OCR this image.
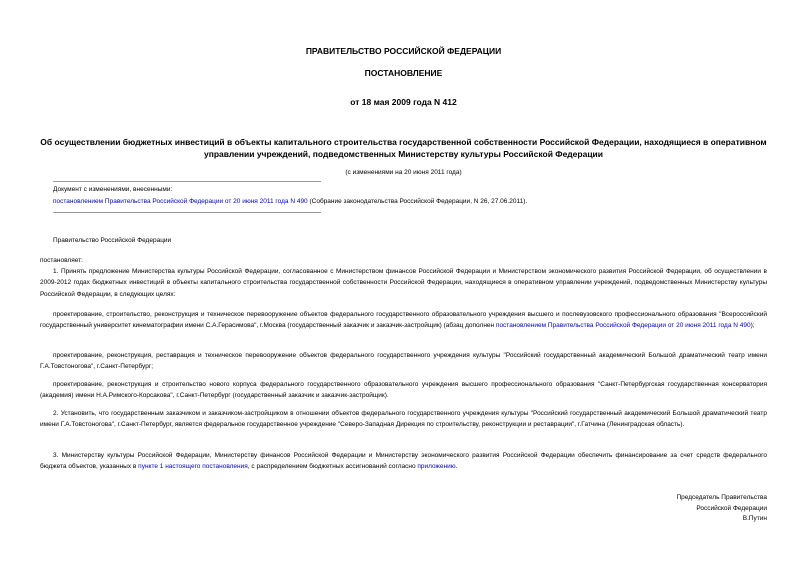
ПРАВИТЕЛЬСТВО РОССИЙСКОЙ ФЕДЕРАЦИИ
ПОСТАНОВЛЕНИЕ
от 18 мая 2009 года N 412
Об осуществлении бюджетных инвестиций в объекты капитального строительства государственной собственности Российской Федерации, находящиеся в оперативном управлении учреждений, подведомственных Министерству культуры Российской Федерации
(с изменениями на 20 июня 2011 года)
Документ с изменениями, внесенными:
постановлением Правительства Российской Федерации от 20 июня 2011 года N 490 (Собрание законодательства Российской Федерации, N 26, 27.06.2011).
Правительство Российской Федерации
постановляет:
1. Принять предложение Министерства культуры Российской Федерации, согласованное с Министерством финансов Российской Федерации и Министерством экономического развития Российской Федерации, об осуществлении в 2009-2012 годах бюджетных инвестиций в объекты капитального строительства государственной собственности Российской Федерации, находящиеся в оперативном управлении учреждений, подведомственных Министерству культуры Российской Федерации, в следующих целях:
проектирование, строительство, реконструкция и техническое перевооружение объектов федерального государственного образовательного учреждения высшего и послевузовского профессионального образования "Всероссийский государственный университет кинематографии имени С.А.Герасимова", г.Москва (государственный заказчик и заказчик-застройщик) (абзац дополнен постановлением Правительства Российской Федерации от 20 июня 2011 года N 490);
проектирование, реконструкция, реставрация и техническое перевооружение объектов федерального государственного учреждения культуры "Российский государственный академический Большой драматический театр имени Г.А.Товстоногова", г.Санкт-Петербург;
проектирование, реконструкция и строительство нового корпуса федерального государственного образовательного учреждения высшего профессионального образования "Санкт-Петербургская государственная консерватория (академия) имени Н.А.Римского-Корсакова", г.Санкт-Петербург (государственный заказчик и заказчик-застройщик).
2. Установить, что государственным заказчиком и заказчиком-застройщиком в отношении объектов федерального государственного учреждения культуры "Российский государственный академический Большой драматический театр имени Г.А.Товстоногова", г.Санкт-Петербург, является федеральное государственное учреждение "Северо-Западная Дирекция по строительству, реконструкции и реставрации", г.Гатчина (Ленинградская область).
3. Министерству культуры Российской Федерации, Министерству финансов Российской Федерации и Министерству экономического развития Российской Федерации обеспечить финансирование за счет средств федерального бюджета объектов, указанных в пункте 1 настоящего постановления, с распределением бюджетных ассигнований согласно приложению.
Председатель Правительства
Российской Федерации
В.Путин
